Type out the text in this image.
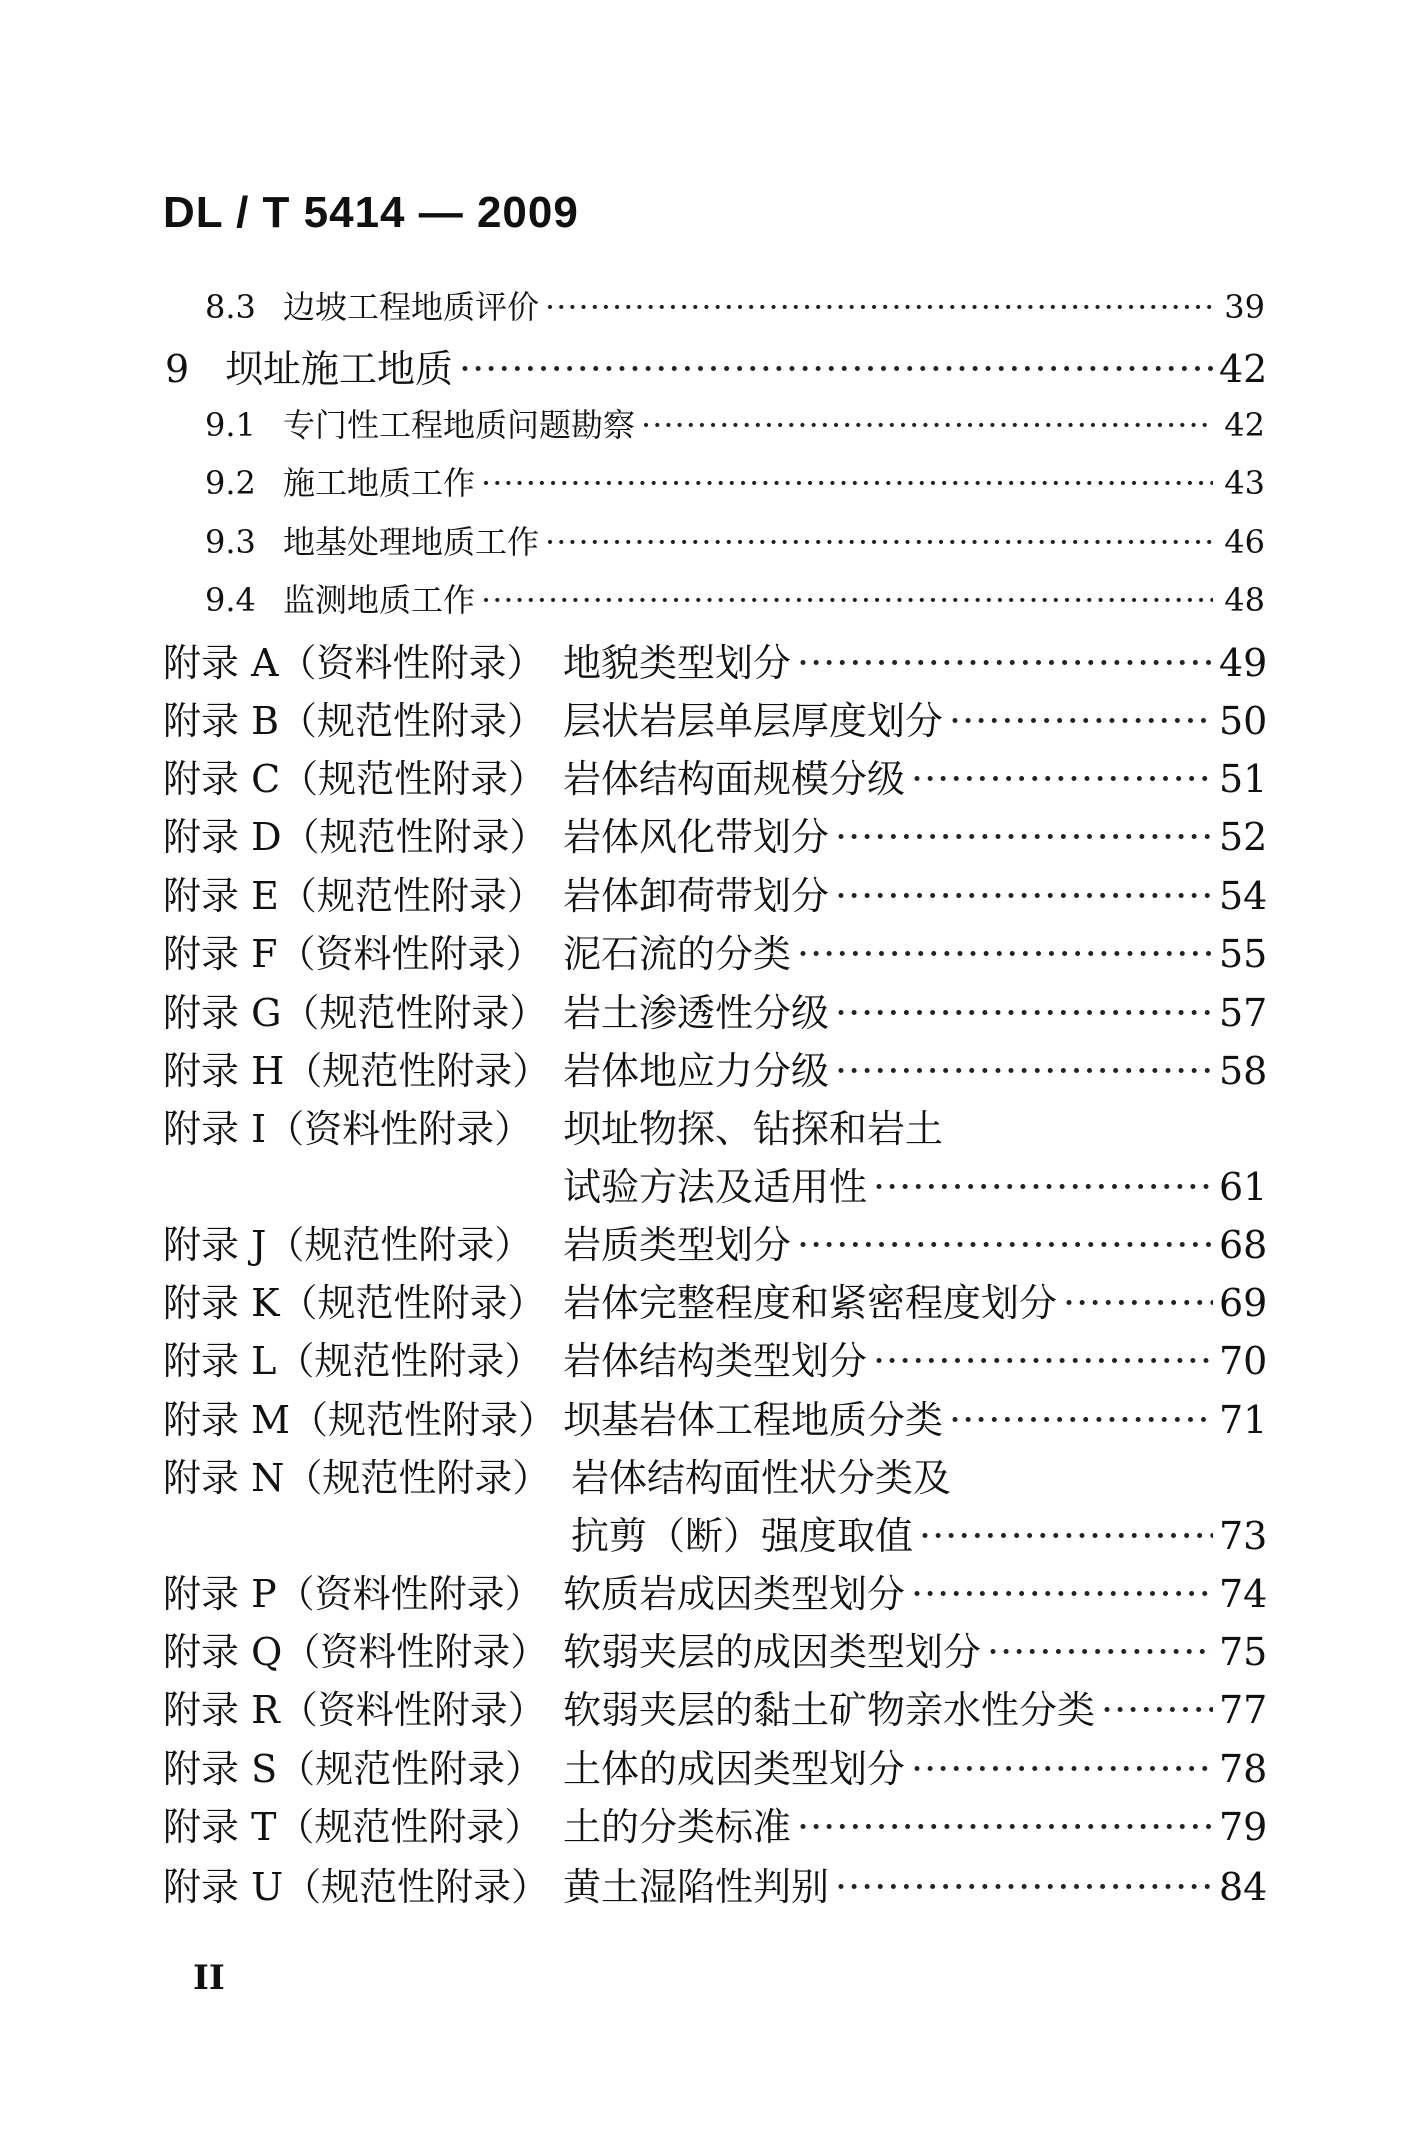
DL / T 5414 — 2009
8.3 边坡工程地质评价 ·····	39
9 坝址施工地质 ·····	42
9.1 专门性工程地质问题勘察 ·····	42
9.2 施工地质工作 ·····	43
9.3 地基处理地质工作 ·····	46
9.4 监测地质工作 ·····	48
附录 A（资料性附录） 地貌类型划分 ·····	49
附录 B（规范性附录） 层状岩层单层厚度划分 ·····	50
附录 C（规范性附录） 岩体结构面规模分级 ·····	51
附录 D（规范性附录） 岩体风化带划分 ·····	52
附录 E（规范性附录） 岩体卸荷带划分 ·····	54
附录 F（资料性附录） 泥石流的分类 ·····	55
附录 G（规范性附录） 岩土渗透性分级 ·····	57
附录 H（规范性附录） 岩体地应力分级 ·····	58
附录 I（资料性附录） 坝址物探、钻探和岩土
试验方法及适用性 ·····	61
附录 J（规范性附录） 岩质类型划分 ·····	68
附录 K（规范性附录） 岩体完整程度和紧密程度划分 ·····	69
附录 L（规范性附录） 岩体结构类型划分 ·····	70
附录 M（规范性附录） 坝基岩体工程地质分类 ·····	71
附录 N（规范性附录） 岩体结构面性状分类及
抗剪（断）强度取值 ·····	73
附录 P（资料性附录） 软质岩成因类型划分 ·····	74
附录 Q（资料性附录） 软弱夹层的成因类型划分 ·····	75
附录 R（资料性附录） 软弱夹层的黏土矿物亲水性分类 ·····	77
附录 S（规范性附录） 土体的成因类型划分 ·····	78
附录 T（规范性附录） 土的分类标准 ·····	79
附录 U（规范性附录） 黄土湿陷性判别 ·····	84
II
